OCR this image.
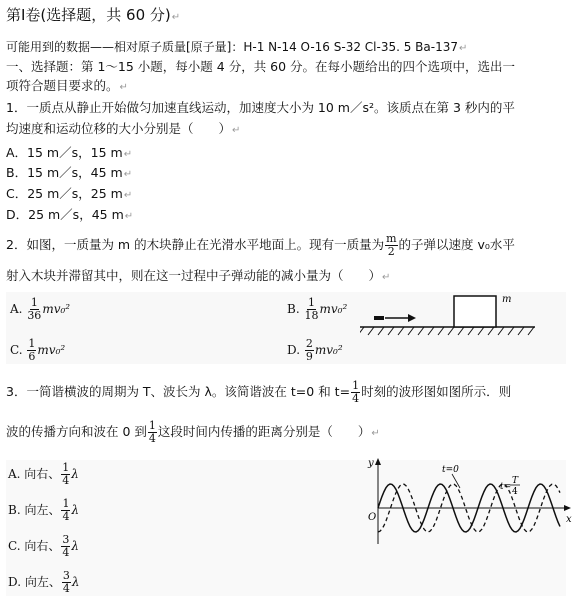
第Ⅰ卷(选择题，共 60 分)↵
可能用到的数据——相对原子质量[原子量]：H-1 N-14 O-16 S-32 Cl-35. 5 Ba-137↵
一、选择题：第 1～15 小题，每小题 4 分，共 60 分。在每小题给出的四个选项中，选出一
项符合题目要求的。↵
1．一质点从静止开始做匀加速直线运动，加速度大小为 10 m／s²。该质点在第 3 秒内的平
均速度和运动位移的大小分别是（　　）↵
A．15 m／s，15 m↵
B．15 m／s，45 m↵
C．25 m／s，25 m↵
D．25 m／s，45 m↵
2．如图，一质量为 m 的木块静止在光滑水平地面上。现有一质量为 $\frac{m}{2}$ 的子弹以速度 v₀水平
射入木块并滞留其中，则在这一过程中子弹动能的减小量为（　　）↵
A. $\frac{1}{36} mv_0^2$	B. $\frac{1}{18} mv_0^2$
C. $\frac{1}{6} mv_0^2$	D. $\frac{2}{9} mv_0^2$
m
3．一简谐横波的周期为 T、波长为 λ。该简谐波在 t=0 和 $t= \frac{1}{4}$ 时刻的波形图如图所示．则
波的传播方向和波在 0 到 $\frac{1}{4}$ 这段时间内传播的距离分别是（　　）↵
A. 向右、 $\frac{1}{4}$ λ
B. 向左、 $\frac{1}{4}$ λ
C. 向右、 $\frac{3}{4}$ λ
D. 向左、 $\frac{3}{4}$ λ
y
x
O
t=0
t=
T
4
